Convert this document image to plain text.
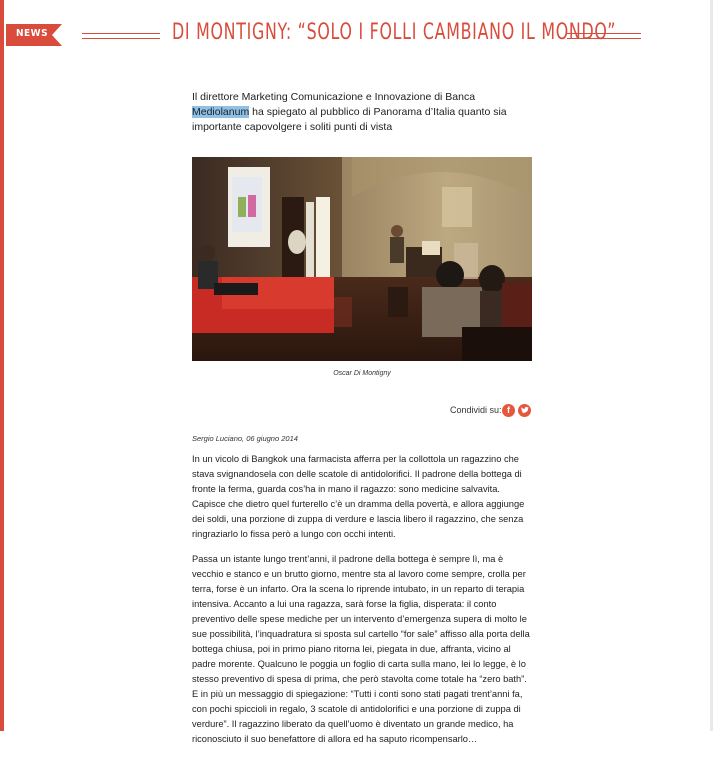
NEWS	DI MONTIGNY: “SOLO I FOLLI CAMBIANO IL MONDO”

Il direttore Marketing Comunicazione e Innovazione di Banca Mediolanum ha spiegato al pubblico di Panorama d’Italia quanto sia importante capovolgere i soliti punti di vista

Oscar Di Montigny
Condividi su: f
Sergio Luciano, 06 giugno 2014

In un vicolo di Bangkok una farmacista afferra per la collottola un ragazzino che stava svignandosela con delle scatole di antidolorifici. Il padrone della bottega di fronte la ferma, guarda cos’ha in mano il ragazzo: sono medicine salvavita. Capisce che dietro quel furterello c’è un dramma della povertà, e allora aggiunge dei soldi, una porzione di zuppa di verdure e lascia libero il ragazzino, che senza ringraziarlo lo fissa però a lungo con occhi intenti.

Passa un istante lungo trent’anni, il padrone della bottega è sempre lì, ma è vecchio e stanco e un brutto giorno, mentre sta al lavoro come sempre, crolla per terra, forse è un infarto. Ora la scena lo riprende intubato, in un reparto di terapia intensiva. Accanto a lui una ragazza, sarà forse la figlia, disperata: il conto preventivo delle spese mediche per un intervento d’emergenza supera di molto le sue possibilità, l’inquadratura si sposta sul cartello “for sale” affisso alla porta della bottega chiusa, poi in primo piano ritorna lei, piegata in due, affranta, vicino al padre morente. Qualcuno le poggia un foglio di carta sulla mano, lei lo legge, è lo stesso preventivo di spesa di prima, che però stavolta come totale ha “zero bath”. E in più un messaggio di spiegazione: “Tutti i conti sono stati pagati trent’anni fa, con pochi spiccioli in regalo, 3 scatole di antidolorifici e una porzione di zuppa di verdure”. Il ragazzino liberato da quell’uomo è diventato un grande medico, ha riconosciuto il suo benefattore di allora ed ha saputo ricompensarlo…
